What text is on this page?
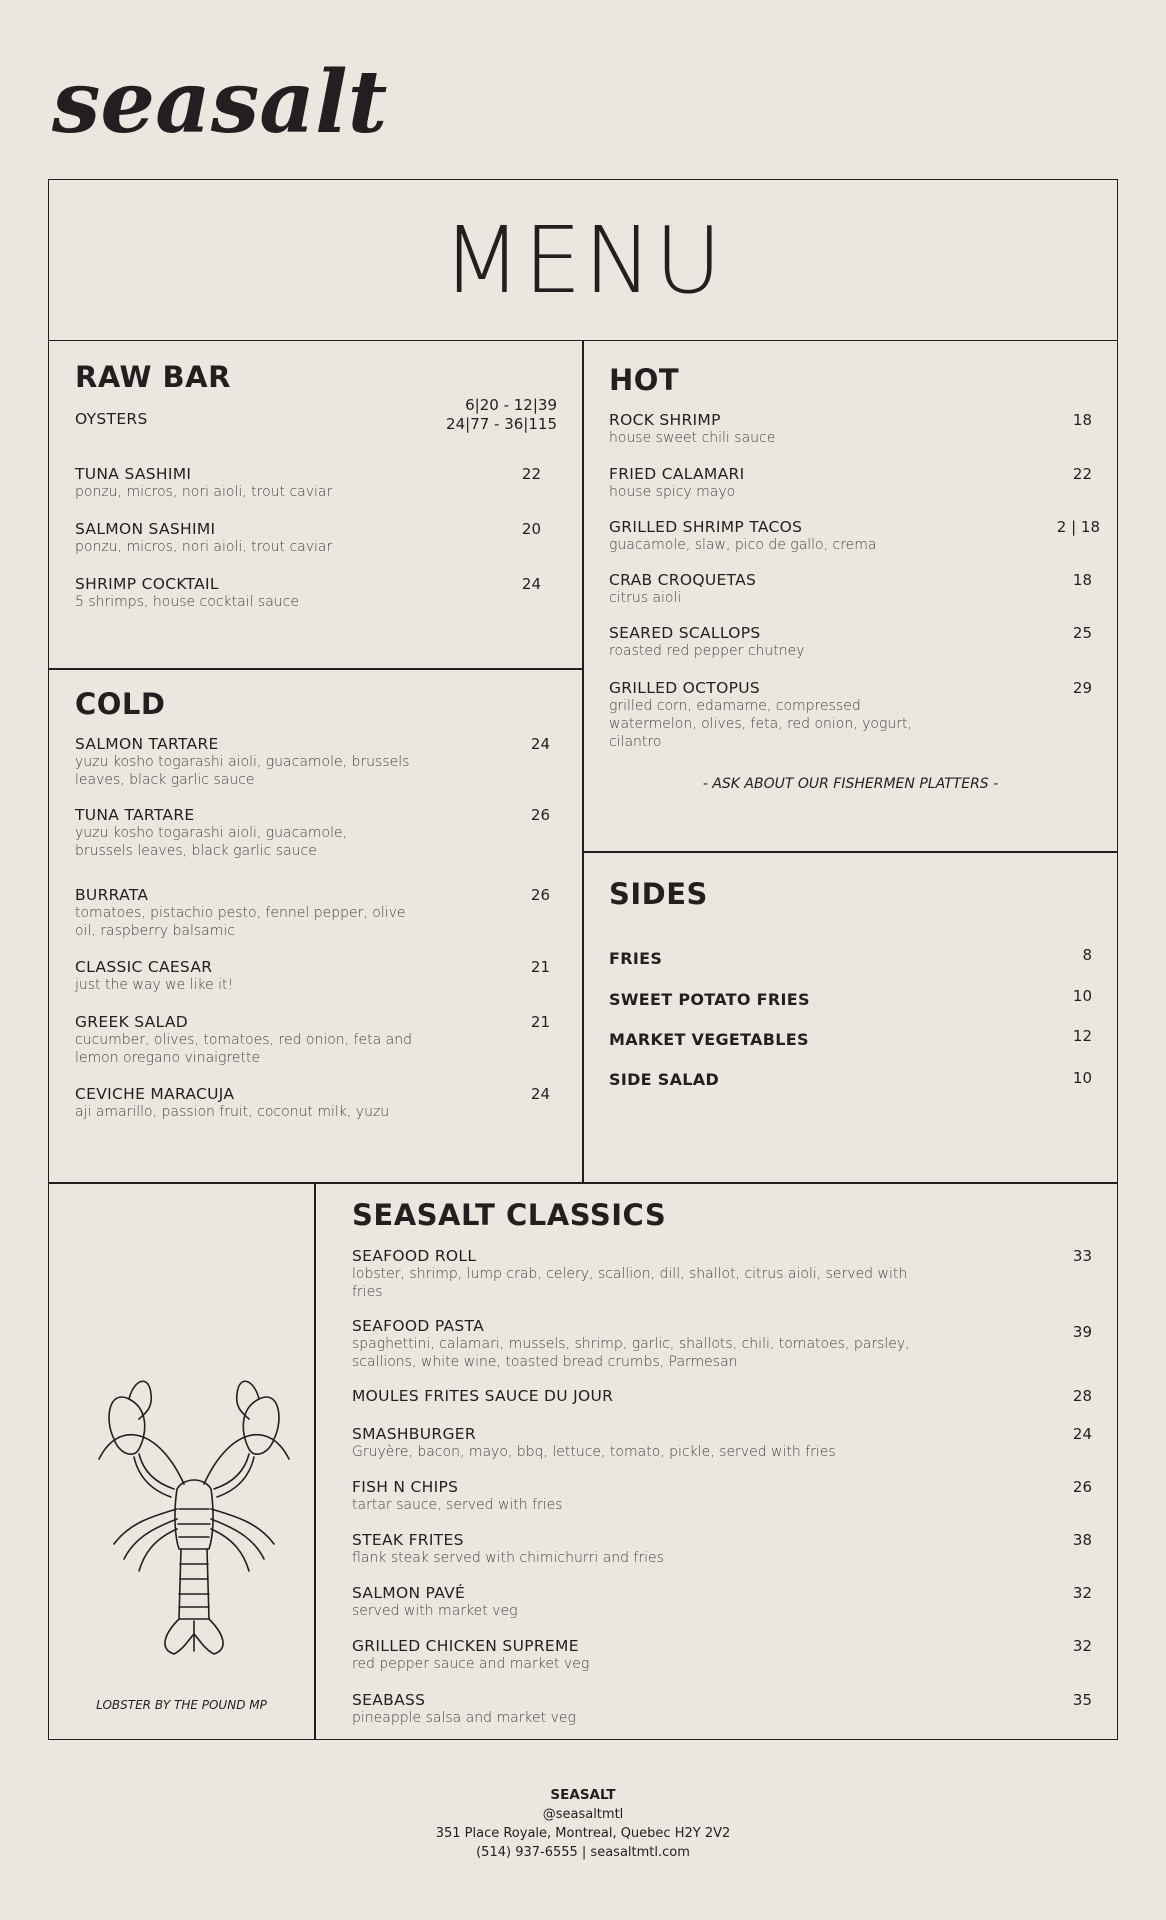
seasalt
MENU
RAW BAR
OYSTERS
6|20 - 12|39
24|77 - 36|115
TUNA SASHIMI
ponzu, micros, nori aioli, trout caviar
22
SALMON SASHIMI
ponzu, micros, nori aioli, trout caviar
20
SHRIMP COCKTAIL
5 shrimps, house cocktail sauce
24
COLD
SALMON TARTARE
yuzu kosho togarashi aioli, guacamole, brussels
leaves, black garlic sauce
24
TUNA TARTARE
yuzu kosho togarashi aioli, guacamole,
brussels leaves, black garlic sauce
26
BURRATA
tomatoes, pistachio pesto, fennel pepper, olive
oil, raspberry balsamic
26
CLASSIC CAESAR
just the way we like it!
21
GREEK SALAD
cucumber, olives, tomatoes, red onion, feta and
lemon oregano vinaigrette
21
CEVICHE MARACUJA
aji amarillo, passion fruit, coconut milk, yuzu
24
HOT
ROCK SHRIMP
house sweet chili sauce
18
FRIED CALAMARI
house spicy mayo
22
GRILLED SHRIMP TACOS
guacamole, slaw, pico de gallo, crema
2 | 18
CRAB CROQUETAS
citrus aioli
18
SEARED SCALLOPS
roasted red pepper chutney
25
GRILLED OCTOPUS
grilled corn, edamame, compressed
watermelon, olives, feta, red onion, yogurt,
cilantro
29
- ASK ABOUT OUR FISHERMEN PLATTERS -
SIDES
FRIES	8
SWEET POTATO FRIES	10
MARKET VEGETABLES	12
SIDE SALAD	10
LOBSTER BY THE POUND MP
SEASALT CLASSICS
SEAFOOD ROLL
lobster, shrimp, lump crab, celery, scallion, dill, shallot, citrus aioli, served with
fries
33
SEAFOOD PASTA
spaghettini, calamari, mussels, shrimp, garlic, shallots, chili, tomatoes, parsley,
scallions, white wine, toasted bread crumbs, Parmesan
39
MOULES FRITES SAUCE DU JOUR	28
SMASHBURGER
Gruyère, bacon, mayo, bbq, lettuce, tomato, pickle, served with fries
24
FISH N CHIPS
tartar sauce, served with fries
26
STEAK FRITES
flank steak served with chimichurri and fries
38
SALMON PAVÉ
served with market veg
32
GRILLED CHICKEN SUPREME
red pepper sauce and market veg
32
SEABASS
pineapple salsa and market veg
35
SEASALT
@seasaltmtl
351 Place Royale, Montreal, Quebec H2Y 2V2
(514) 937-6555 | seasaltmtl.com
